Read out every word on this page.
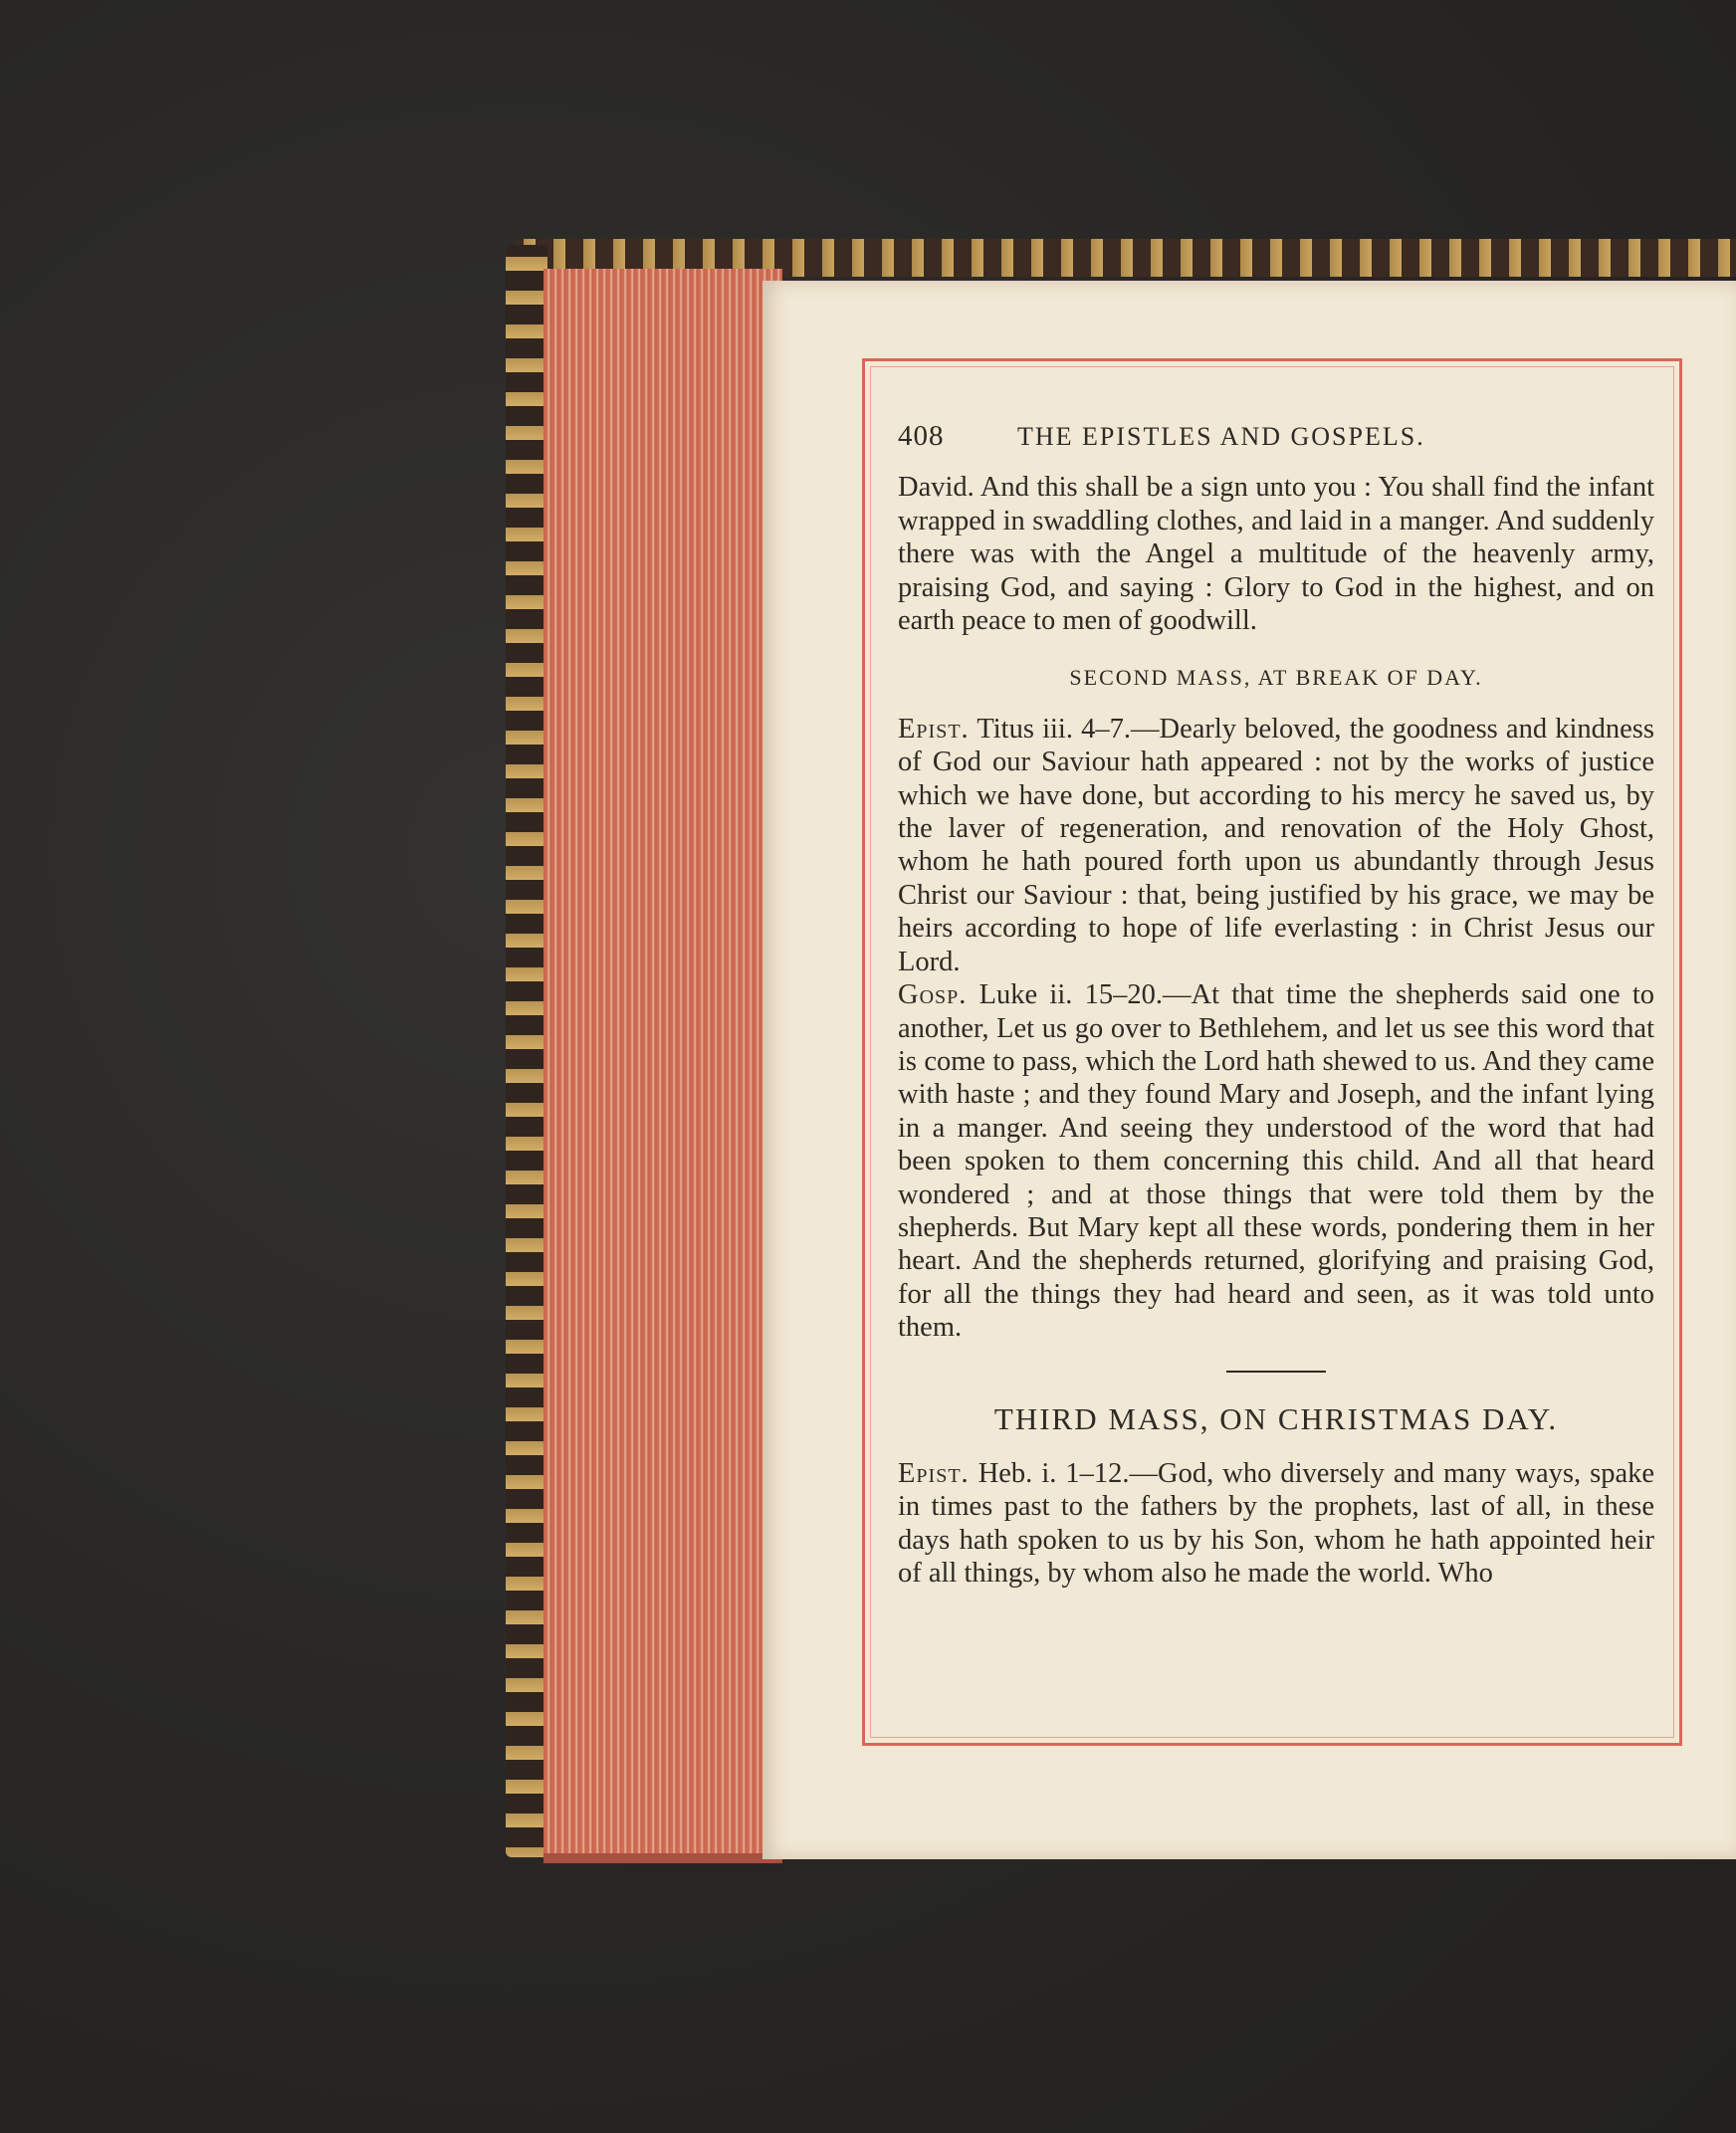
408	THE EPISTLES AND GOSPELS.

David. And this shall be a sign unto you : You shall find the infant wrapped in swaddling clothes, and laid in a manger. And suddenly there was with the Angel a multitude of the heavenly army, praising God, and saying : Glory to God in the highest, and on earth peace to men of goodwill.

SECOND MASS, AT BREAK OF DAY.

Epist. Titus iii. 4–7.—Dearly beloved, the goodness and kindness of God our Saviour hath appeared : not by the works of justice which we have done, but according to his mercy he saved us, by the laver of regeneration, and renovation of the Holy Ghost, whom he hath poured forth upon us abundantly through Jesus Christ our Saviour : that, being justified by his grace, we may be heirs according to hope of life everlasting : in Christ Jesus our Lord.

Gosp. Luke ii. 15–20.—At that time the shepherds said one to another, Let us go over to Bethlehem, and let us see this word that is come to pass, which the Lord hath shewed to us. And they came with haste ; and they found Mary and Joseph, and the infant lying in a manger. And seeing they understood of the word that had been spoken to them concerning this child. And all that heard wondered ; and at those things that were told them by the shepherds. But Mary kept all these words, pondering them in her heart. And the shepherds returned, glorifying and praising God, for all the things they had heard and seen, as it was told unto them.

THIRD MASS, ON CHRISTMAS DAY.

Epist. Heb. i. 1–12.—God, who diversely and many ways, spake in times past to the fathers by the prophets, last of all, in these days hath spoken to us by his Son, whom he hath appointed heir of all things, by whom also he made the world. Who
